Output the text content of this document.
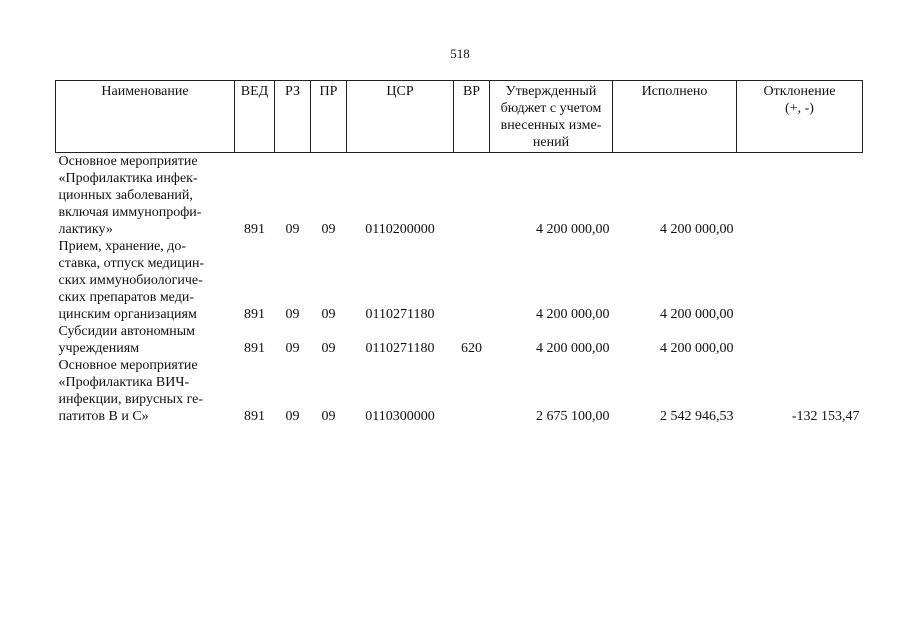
518
Наименование	ВЕД	РЗ	ПР	ЦСР	ВР	Утвержденный
бюджет с учетом
внесенных изме-
нений	Исполнено	Отклонение
(+, -)
Основное мероприятие
«Профилактика инфек-
ционных заболеваний,
включая иммунопрофи-
лактику»	891	09	09	0110200000		4 200 000,00	4 200 000,00	
Прием, хранение, до-
ставка, отпуск медицин-
ских иммунобиологиче-
ских препаратов меди-
цинским организациям	891	09	09	0110271180		4 200 000,00	4 200 000,00	
Субсидии автономным
учреждениям	891	09	09	0110271180	620	4 200 000,00	4 200 000,00	
Основное мероприятие
«Профилактика ВИЧ-
инфекции, вирусных ге-
патитов В и С»	891	09	09	0110300000		2 675 100,00	2 542 946,53	-132 153,47
